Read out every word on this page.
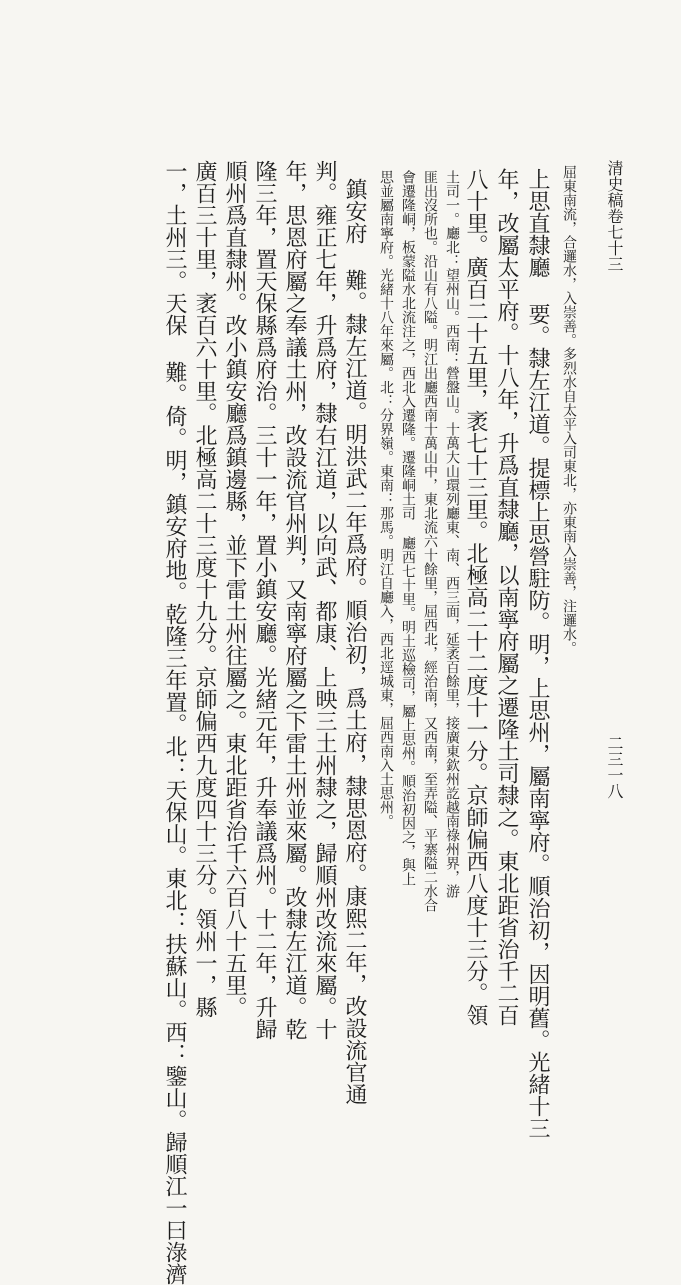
清史稿卷七十三
二三一八
屈東南流，合邏水，入崇善。多烈水自太平入司東北，亦東南入崇善，注邏水。
上思直隸廳 要。隸左江道。提標上思營駐防。明，上思州，屬南寧府。順治初，因明舊。光緒十三
年，改屬太平府。十八年，升爲直隸廳，以南寧府屬之遷隆土司隸之。東北距省治千二百
八十里。廣百二十五里，袤七十三里。北極高二十二度十一分。京師偏西八度十三分。領
土司一。廳北：望州山。西南：營盤山。十萬大山環列廳東、南、西三面，延袤百餘里，接廣東欽州訖越南祿州界，游
匪出沒所也。沿山有八隘。明江出廳西南十萬山中，東北流六十餘里，屈西北，經治南，又西南，至弄隘、平寨隘二水合
會遷隆峒，板蒙隘水北流注之，西北入遷隆。遷隆峒土司 廳西七十里。明土巡檢司，屬上思州。順治初因之，與上
思並屬南寧府。光緒十八年來屬。北：分界嶺。東南：那馬。明江自廳入，西北逕城東，屈西南入土思州。
鎮安府 難。隸左江道。明洪武二年爲府。順治初，爲土府，隸思恩府。康熙二年，改設流官通
判。雍正七年，升爲府，隸右江道，以向武、都康、上映三土州隸之，歸順州改流來屬。十
年，思恩府屬之奉議土州，改設流官州判，又南寧府屬之下雷土州並來屬。改隸左江道。乾
隆三年，置天保縣爲府治。三十一年，置小鎮安廳。光緒元年，升奉議爲州。十二年，升歸
順州爲直隸州。改小鎮安廳爲鎮邊縣，並下雷土州往屬之。東北距省治千六百八十五里。
廣百三十里，袤百六十里。北極高二十三度十九分。京師偏西九度四十三分。領州一，縣
一，土州三。天保 難。倚。明，鎮安府地。乾隆三年置。北：天保山。東北：扶蘇山。西：鑒山。歸順江一曰淥濟
